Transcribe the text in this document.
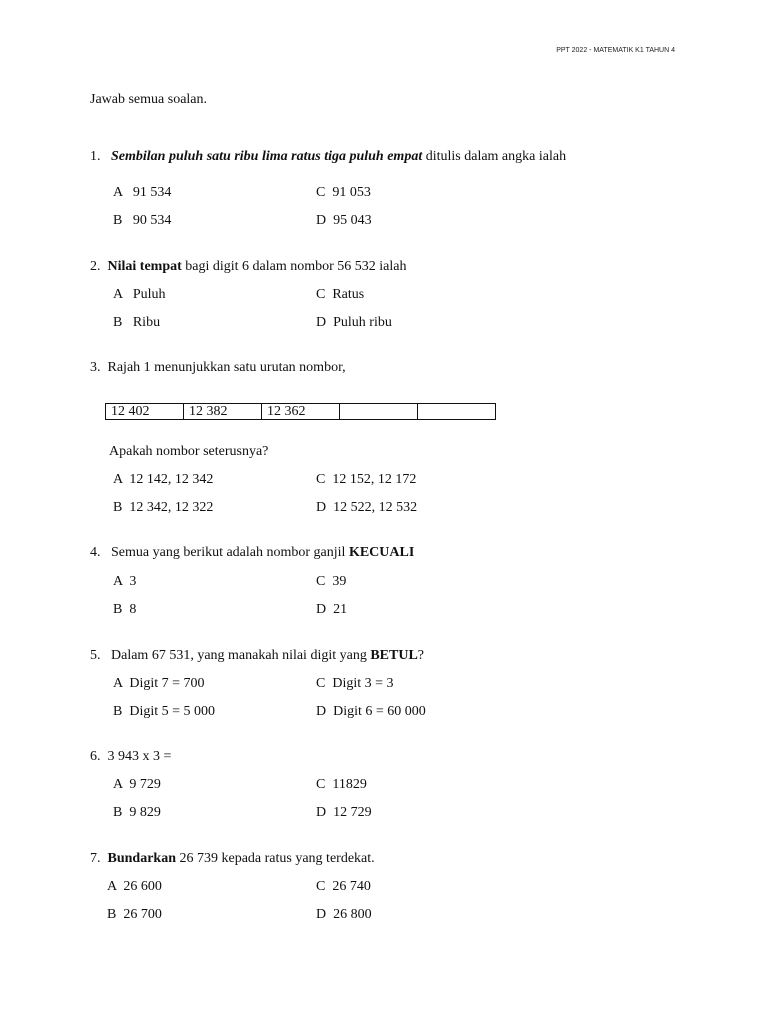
PPT 2022 - MATEMATIK K1 TAHUN 4
Jawab semua soalan.
1. Sembilan puluh satu ribu lima ratus tiga puluh empat ditulis dalam angka ialah
A   91 534
B   90 534
C  91 053
D  95 043
2. Nilai tempat bagi digit 6 dalam nombor 56 532 ialah
A   Puluh
B   Ribu
C  Ratus
D  Puluh ribu
3.  Rajah 1 menunjukkan satu urutan nombor,
12 402	12 382	12 362		
Apakah nombor seterusnya?
A  12 142, 12 342
B  12 342, 12 322
C  12 152, 12 172
D  12 522, 12 532
4.   Semua yang berikut adalah nombor ganjil KECUALI
A  3
B  8
C  39
D  21
5.   Dalam 67 531, yang manakah nilai digit yang BETUL?
A  Digit 7 = 700
B  Digit 5 = 5 000
C  Digit 3 = 3
D  Digit 6 = 60 000
6.  3 943 x 3 =
A  9 729
B  9 829
C  11829
D  12 729
7.  Bundarkan 26 739 kepada ratus yang terdekat.
A  26 600
B  26 700
C  26 740
D  26 800
